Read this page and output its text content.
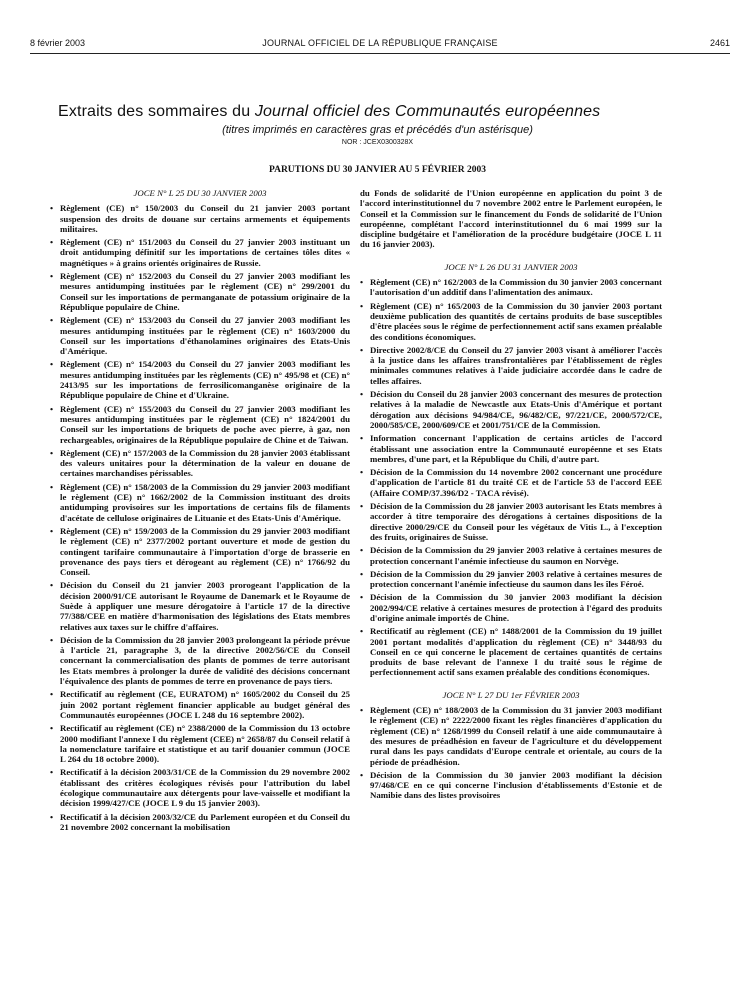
8 février 2003	JOURNAL OFFICIEL DE LA RÉPUBLIQUE FRANÇAISE	2461
Extraits des sommaires du Journal officiel des Communautés européennes
(titres imprimés en caractères gras et précédés d'un astérisque)
NOR : JCEX0300328X
PARUTIONS DU 30 JANVIER AU 5 FÉVRIER 2003
JOCE N° L 25 DU 30 JANVIER 2003
• Règlement (CE) n° 150/2003 du Conseil du 21 janvier 2003 portant suspension des droits de douane sur certains armements et équipements militaires.
• Règlement (CE) n° 151/2003 du Conseil du 27 janvier 2003 instituant un droit antidumping définitif sur les importations de certaines tôles dites « magnétiques » à grains orientés originaires de Russie.
• Règlement (CE) n° 152/2003 du Conseil du 27 janvier 2003 modifiant les mesures antidumping instituées par le règlement (CE) n° 299/2001 du Conseil sur les importations de permanganate de potassium originaire de la République populaire de Chine.
• Règlement (CE) n° 153/2003 du Conseil du 27 janvier 2003 modifiant les mesures antidumping instituées par le règlement (CE) n° 1603/2000 du Conseil sur les importations d'éthanolamines originaires des Etats-Unis d'Amérique.
• Règlement (CE) n° 154/2003 du Conseil du 27 janvier 2003 modifiant les mesures antidumping instituées par les règlements (CE) n° 495/98 et (CE) n° 2413/95 sur les importations de ferrosilicomanganèse originaire de la République populaire de Chine et d'Ukraine.
• Règlement (CE) n° 155/2003 du Conseil du 27 janvier 2003 modifiant les mesures antidumping instituées par le règlement (CE) n° 1824/2001 du Conseil sur les importations de briquets de poche avec pierre, à gaz, non rechargeables, originaires de la République populaire de Chine et de Taiwan.
• Règlement (CE) n° 157/2003 de la Commission du 28 janvier 2003 établissant des valeurs unitaires pour la détermination de la valeur en douane de certaines marchandises périssables.
• Règlement (CE) n° 158/2003 de la Commission du 29 janvier 2003 modifiant le règlement (CE) n° 1662/2002 de la Commission instituant des droits antidumping provisoires sur les importations de certains fils de filaments d'acétate de cellulose originaires de Lituanie et des Etats-Unis d'Amérique.
• Règlement (CE) n° 159/2003 de la Commission du 29 janvier 2003 modifiant le règlement (CE) n° 2377/2002 portant ouverture et mode de gestion du contingent tarifaire communautaire à l'importation d'orge de brasserie en provenance des pays tiers et dérogeant au règlement (CE) n° 1766/92 du Conseil.
• Décision du Conseil du 21 janvier 2003 prorogeant l'application de la décision 2000/91/CE autorisant le Royaume de Danemark et le Royaume de Suède à appliquer une mesure dérogatoire à l'article 17 de la directive 77/388/CEE en matière d'harmonisation des législations des Etats membres relatives aux taxes sur le chiffre d'affaires.
• Décision de la Commission du 28 janvier 2003 prolongeant la période prévue à l'article 21, paragraphe 3, de la directive 2002/56/CE du Conseil concernant la commercialisation des plants de pommes de terre autorisant les Etats membres à prolonger la durée de validité des décisions concernant l'équivalence des plants de pommes de terre en provenance de pays tiers.
• Rectificatif au règlement (CE, EURATOM) n° 1605/2002 du Conseil du 25 juin 2002 portant règlement financier applicable au budget général des Communautés européennes (JOCE L 248 du 16 septembre 2002).
• Rectificatif au règlement (CE) n° 2388/2000 de la Commission du 13 octobre 2000 modifiant l'annexe I du règlement (CEE) n° 2658/87 du Conseil relatif à la nomenclature tarifaire et statistique et au tarif douanier commun (JOCE L 264 du 18 octobre 2000).
• Rectificatif à la décision 2003/31/CE de la Commission du 29 novembre 2002 établissant des critères écologiques révisés pour l'attribution du label écologique communautaire aux détergents pour lave-vaisselle et modifiant la décision 1999/427/CE (JOCE L 9 du 15 janvier 2003).
• Rectificatif à la décision 2003/32/CE du Parlement européen et du Conseil du 21 novembre 2002 concernant la mobilisation
du Fonds de solidarité de l'Union européenne en application du point 3 de l'accord interinstitutionnel du 7 novembre 2002 entre le Parlement européen, le Conseil et la Commission sur le financement du Fonds de solidarité de l'Union européenne, complétant l'accord interinstitutionnel du 6 mai 1999 sur la discipline budgétaire et l'amélioration de la procédure budgétaire (JOCE L 11 du 16 janvier 2003).
JOCE N° L 26 DU 31 JANVIER 2003
• Règlement (CE) n° 162/2003 de la Commission du 30 janvier 2003 concernant l'autorisation d'un additif dans l'alimentation des animaux.
• Règlement (CE) n° 165/2003 de la Commission du 30 janvier 2003 portant deuxième publication des quantités de certains produits de base susceptibles d'être placées sous le régime de perfectionnement actif sans examen préalable des conditions économiques.
• Directive 2002/8/CE du Conseil du 27 janvier 2003 visant à améliorer l'accès à la justice dans les affaires transfrontalières par l'établissement de règles minimales communes relatives à l'aide judiciaire accordée dans le cadre de telles affaires.
• Décision du Conseil du 28 janvier 2003 concernant des mesures de protection relatives à la maladie de Newcastle aux Etats-Unis d'Amérique et portant dérogation aux décisions 94/984/CE, 96/482/CE, 97/221/CE, 2000/572/CE, 2000/585/CE, 2000/609/CE et 2001/751/CE de la Commission.
• Information concernant l'application de certains articles de l'accord établissant une association entre la Communauté européenne et ses Etats membres, d'une part, et la République du Chili, d'autre part.
• Décision de la Commission du 14 novembre 2002 concernant une procédure d'application de l'article 81 du traité CE et de l'article 53 de l'accord EEE (Affaire COMP/37.396/D2 - TACA révisé).
• Décision de la Commission du 28 janvier 2003 autorisant les Etats membres à accorder à titre temporaire des dérogations à certaines dispositions de la directive 2000/29/CE du Conseil pour les végétaux de Vitis L., à l'exception des fruits, originaires de Suisse.
• Décision de la Commission du 29 janvier 2003 relative à certaines mesures de protection concernant l'anémie infectieuse du saumon en Norvège.
• Décision de la Commission du 29 janvier 2003 relative à certaines mesures de protection concernant l'anémie infectieuse du saumon dans les îles Féroé.
• Décision de la Commission du 30 janvier 2003 modifiant la décision 2002/994/CE relative à certaines mesures de protection à l'égard des produits d'origine animale importés de Chine.
• Rectificatif au règlement (CE) n° 1488/2001 de la Commission du 19 juillet 2001 portant modalités d'application du règlement (CE) n° 3448/93 du Conseil en ce qui concerne le placement de certaines quantités de certains produits de base relevant de l'annexe I du traité sous le régime de perfectionnement actif sans examen préalable des conditions économiques.
JOCE N° L 27 DU 1er FÉVRIER 2003
• Règlement (CE) n° 188/2003 de la Commission du 31 janvier 2003 modifiant le règlement (CE) n° 2222/2000 fixant les règles financières d'application du règlement (CE) n° 1268/1999 du Conseil relatif à une aide communautaire à des mesures de préadhésion en faveur de l'agriculture et du développement rural dans les pays candidats d'Europe centrale et orientale, au cours de la période de préadhésion.
• Décision de la Commission du 30 janvier 2003 modifiant la décision 97/468/CE en ce qui concerne l'inclusion d'établissements d'Estonie et de Namibie dans des listes provisoires
